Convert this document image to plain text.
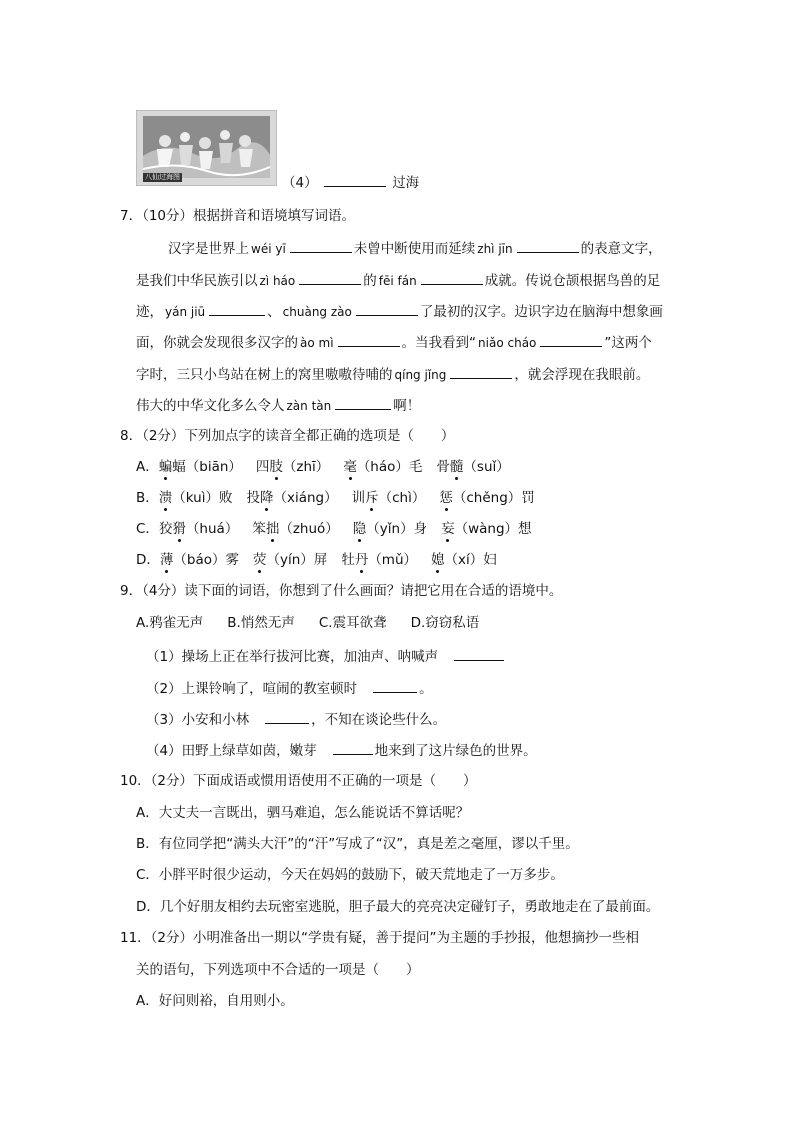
八仙过海图	（4）	过海
7．（10分）根据拼音和语境填写词语。
汉字是世界上 wéi yī	未曾中断使用而延续 zhì jīn	的表意文字，
是我们中华民族引以 zì háo	的 fēi fán	成就。传说仓颉根据鸟兽的足
迹， yán jiū	、 chuàng zào	了最初的汉字。边识字边在脑海中想象画
面，你就会发现很多汉字的 ào mì	。当我看到“ niǎo cháo	”这两个
字时，三只小鸟站在树上的窝里嗷嗷待哺的 qíng jǐng	，就会浮现在我眼前。
伟大的中华文化多么令人 zàn tàn	啊！
8．（2分）下列加点字的读音全都正确的选项是（　　）
A．蝙蝠（biān） 四肢（zhī） 毫（háo）毛 骨髓（suǐ）
B．溃（kuì）败 投降（xiáng） 训斥（chì） 惩（chěng）罚
C．狡猾（huá） 笨拙（zhuó） 隐（yǐn）身 妄（wàng）想
D．薄（báo）雾 荧（yín）屏 牡丹（mǔ） 媳（xí）妇
9．（4分）读下面的词语，你想到了什么画面？请把它用在合适的语境中。
A.鸦雀无声 B.悄然无声 C.震耳欲聋 D.窃窃私语
（1）操场上正在举行拔河比赛，加油声、呐喊声
（2）上课铃响了，喧闹的教室顿时	。
（3）小安和小林	，不知在谈论些什么。
（4）田野上绿草如茵，嫩芽	地来到了这片绿色的世界。
10．（2分）下面成语或惯用语使用不正确的一项是（　　）
A．大丈夫一言既出，驷马难追，怎么能说话不算话呢？
B．有位同学把“满头大汗”的“汗”写成了“汉”，真是差之毫厘，谬以千里。
C．小胖平时很少运动，今天在妈妈的鼓励下，破天荒地走了一万多步。
D．几个好朋友相约去玩密室逃脱，胆子最大的亮亮决定碰钉子，勇敢地走在了最前面。
11．（2分）小明准备出一期以“学贵有疑，善于提问”为主题的手抄报，他想摘抄一些相
关的语句，下列选项中不合适的一项是（　　）
A．好问则裕，自用则小。
